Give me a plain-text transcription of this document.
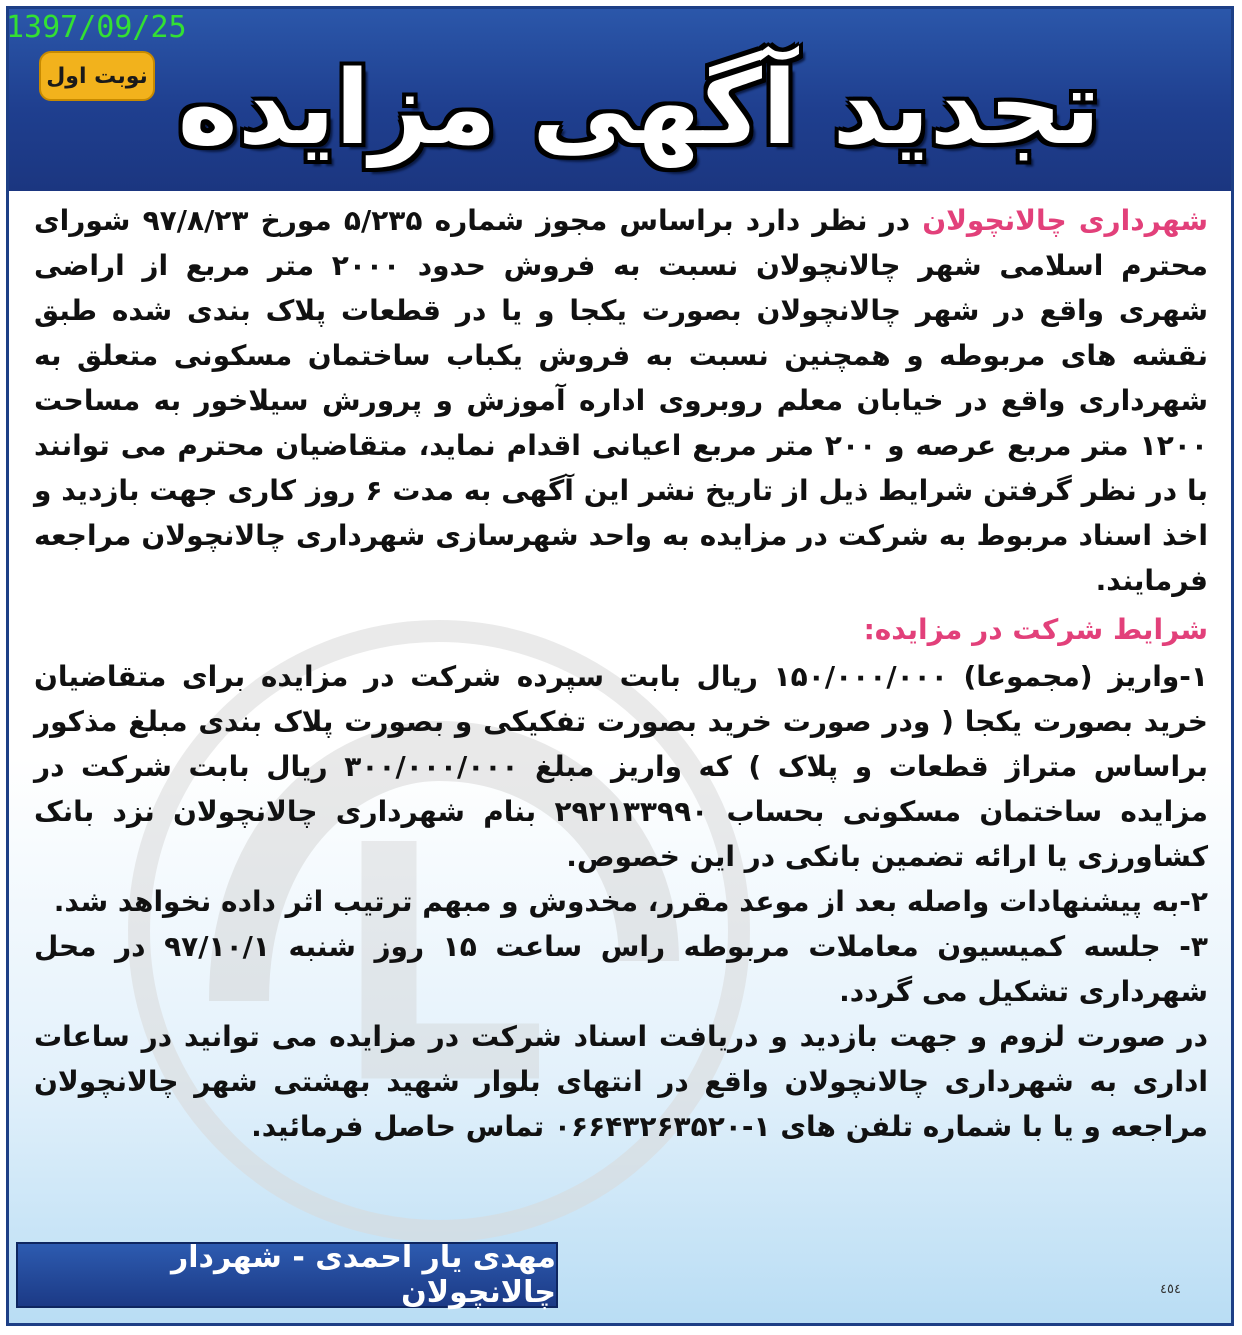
تجدید آگهی مزایده
نوبت اول
1397/09/25

شهرداری چالانچولان در نظر دارد براساس مجوز شماره ۵/۲۳۵ مورخ ۹۷/۸/۲۳ شورای محترم اسلامی شهر چالانچولان نسبت به فروش حدود ۲۰۰۰ متر مربع از اراضی شهری واقع در شهر چالانچولان بصورت یکجا و یا در قطعات پلاک بندی شده طبق نقشه های مربوطه و همچنین نسبت به فروش یکباب ساختمان مسکونی متعلق به شهرداری واقع در خیابان معلم روبروی اداره آموزش و پرورش سیلاخور به مساحت ۱۲۰۰ متر مربع عرصه و ۲۰۰ متر مربع اعیانی اقدام نماید، متقاضیان محترم می توانند با در نظر گرفتن شرایط ذیل از تاریخ نشر این آگهی به مدت ۶ روز کاری جهت بازدید و اخذ اسناد مربوط به شرکت در مزایده به واحد شهرسازی شهرداری چالانچولان مراجعه فرمایند.

شرایط شرکت در مزایده:

۱-واریز (مجموعا) ۱۵۰/۰۰۰/۰۰۰ ریال بابت سپرده شرکت در مزایده برای متقاضیان خرید بصورت یکجا ( ودر صورت خرید بصورت تفکیکی و بصورت پلاک بندی مبلغ مذکور براساس متراژ قطعات و پلاک ) که واریز مبلغ ۳۰۰/۰۰۰/۰۰۰ ریال بابت شرکت در مزایده ساختمان مسکونی بحساب ۲۹۲۱۳۳۹۹۰ بنام شهرداری چالانچولان نزد بانک کشاورزی یا ارائه تضمین بانکی در این خصوص.

۲-به پیشنهادات واصله بعد از موعد مقرر، مخدوش و مبهم ترتیب اثر داده نخواهد شد.

۳- جلسه کمیسیون معاملات مربوطه راس ساعت ۱۵ روز شنبه ۹۷/۱۰/۱ در محل شهرداری تشکیل می گردد.

در صورت لزوم و جهت بازدید و دریافت اسناد شرکت در مزایده می توانید در ساعات اداری به شهرداری چالانچولان واقع در انتهای بلوار شهید بهشتی شهر چالانچولان مراجعه و یا با شماره تلفن های ۱-۰۶۶۴۳۲۶۳۵۲۰ تماس حاصل فرمائید.

مهدی یار احمدی - شهردار چالانچولان	٤٥٤
